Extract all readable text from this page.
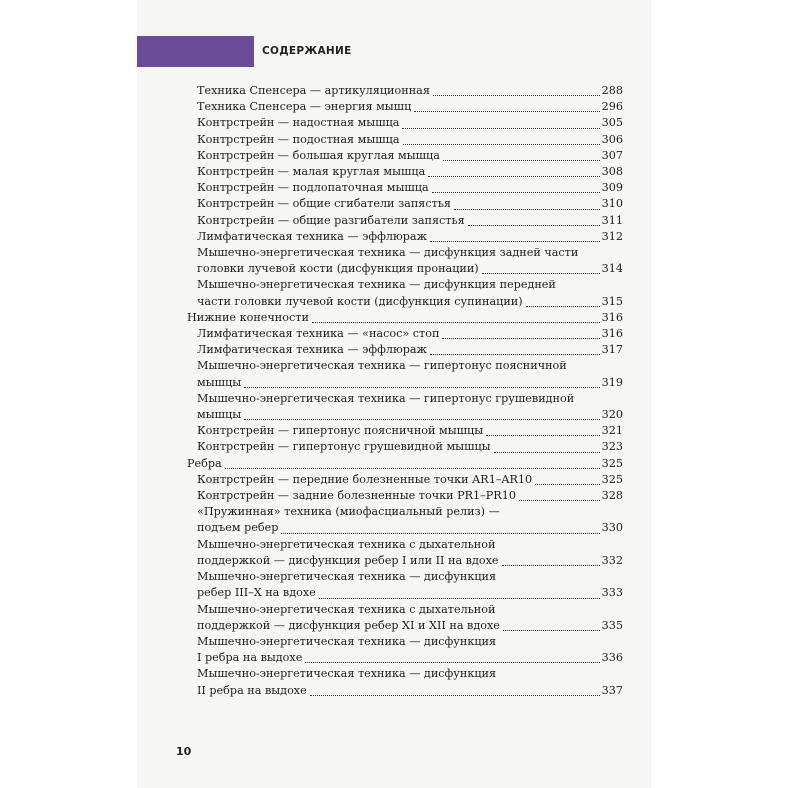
СОДЕРЖАНИЕ
Техника Спенсера — артикуляционная	288
Техника Спенсера — энергия мышц	296
Контрстрейн — надостная мышца	305
Контрстрейн — подостная мышца	306
Контрстрейн — большая круглая мышца	307
Контрстрейн — малая круглая мышца	308
Контрстрейн — подлопаточная мышца	309
Контрстрейн — общие сгибатели запястья	310
Контрстрейн — общие разгибатели запястья	311
Лимфатическая техника — эффлюраж	312
Мышечно-энергетическая техника — дисфункция задней части
головки лучевой кости (дисфункция пронации)	314
Мышечно-энергетическая техника — дисфункция передней
части головки лучевой кости (дисфункция супинации)	315
Нижние конечности	316
Лимфатическая техника — «насос» стоп	316
Лимфатическая техника — эффлюраж	317
Мышечно-энергетическая техника — гипертонус поясничной
мышцы	319
Мышечно-энергетическая техника — гипертонус грушевидной
мышцы	320
Контрстрейн — гипертонус поясничной мышцы	321
Контрстрейн — гипертонус грушевидной мышцы	323
Ребра	325
Контрстрейн — передние болезненные точки AR1–AR10	325
Контрстрейн — задние болезненные точки PR1–PR10	328
«Пружинная» техника (миофасциальный релиз) —
подъем ребер	330
Мышечно-энергетическая техника с дыхательной
поддержкой — дисфункция ребер I или II на вдохе	332
Мышечно-энергетическая техника — дисфункция
ребер III–X на вдохе	333
Мышечно-энергетическая техника с дыхательной
поддержкой — дисфункция ребер XI и XII на вдохе	335
Мышечно-энергетическая техника — дисфункция
I ребра на выдохе	336
Мышечно-энергетическая техника — дисфункция
II ребра на выдохе	337
10
